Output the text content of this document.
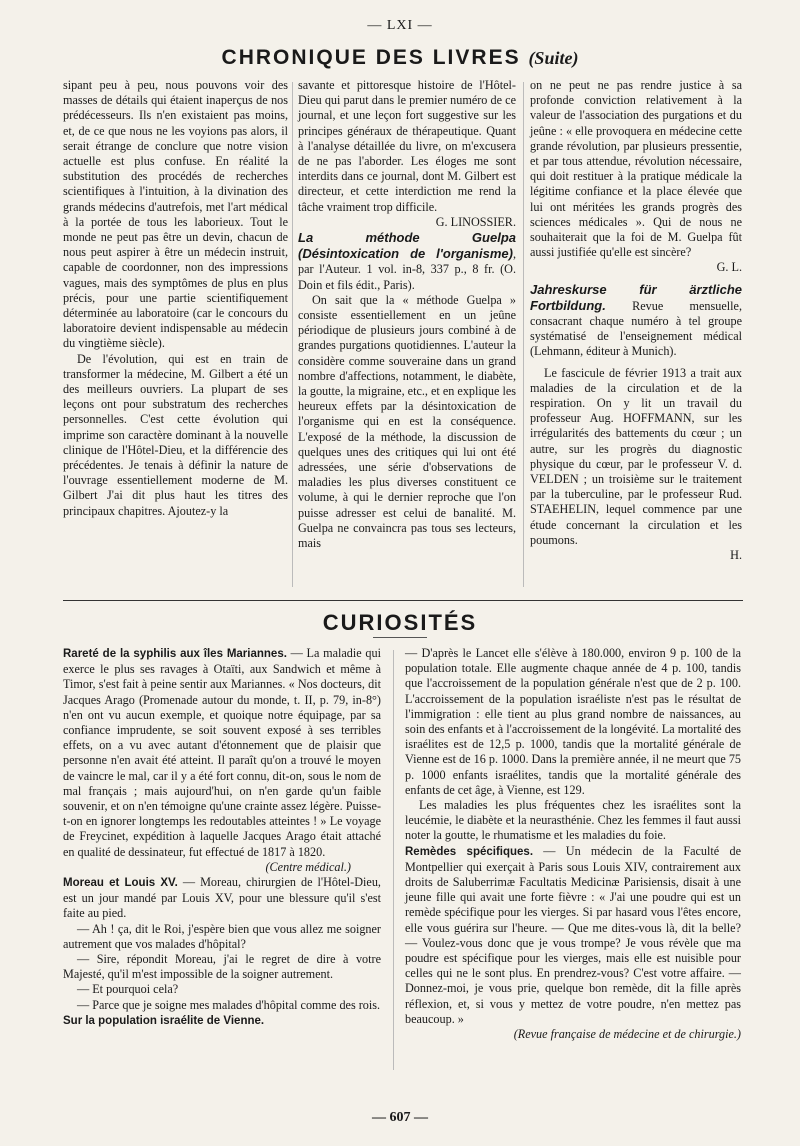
— LXI —
CHRONIQUE DES LIVRES (Suite)

sipant peu à peu, nous pouvons voir des masses de détails qui étaient inaperçus de nos prédécesseurs. Ils n'en existaient pas moins, et, de ce que nous ne les voyions pas alors, il serait étrange de conclure que notre vision actuelle est plus confuse. En réalité la substitution des procédés de recherches scientifiques à l'intuition, à la divination des grands médecins d'autrefois, met l'art médical à la portée de tous les laborieux. Tout le monde ne peut pas être un devin, chacun de nous peut aspirer à être un médecin instruit, capable de coordonner, non des impressions vagues, mais des symptômes de plus en plus précis, pour une partie scientifiquement déterminée au laboratoire (car le concours du laboratoire devient indispensable au médecin du vingtième siècle).

De l'évolution, qui est en train de transformer la médecine, M. Gilbert a été un des meilleurs ouvriers. La plupart de ses leçons ont pour substratum des recherches personnelles. C'est cette évolution qui imprime son caractère dominant à la nouvelle clinique de l'Hôtel-Dieu, et la différencie des précédentes. Je tenais à définir la nature de l'ouvrage essentiellement moderne de M. Gilbert J'ai dit plus haut les titres des principaux chapitres. Ajoutez-y la

savante et pittoresque histoire de l'Hôtel-Dieu qui parut dans le premier numéro de ce journal, et une leçon fort suggestive sur les principes généraux de thérapeutique. Quant à l'analyse détaillée du livre, on m'excusera de ne pas l'aborder. Les éloges me sont interdits dans ce journal, dont M. Gilbert est directeur, et cette interdiction me rend la tâche vraiment trop difficile.

G. LINOSSIER.

La méthode Guelpa (Désintoxication de l'organisme), par l'Auteur. 1 vol. in-8, 337 p., 8 fr. (O. Doin et fils édit., Paris).

On sait que la « méthode Guelpa » consiste essentiellement en un jeûne périodique de plusieurs jours combiné à de grandes purgations quotidiennes. L'auteur la considère comme souveraine dans un grand nombre d'affections, notamment, le diabète, la goutte, la migraine, etc., et en explique les heureux effets par la désintoxication de l'organisme qui en est la conséquence. L'exposé de la méthode, la discussion de quelques unes des critiques qui lui ont été adressées, une série d'observations de maladies les plus diverses constituent ce volume, à qui le dernier reproche que l'on puisse adresser est celui de banalité. M. Guelpa ne convaincra pas tous ses lecteurs, mais

on ne peut ne pas rendre justice à sa profonde conviction relativement à la valeur de l'association des purgations et du jeûne : « elle provoquera en médecine cette grande révolution, par plusieurs pressentie, et par tous attendue, révolution nécessaire, qui doit restituer à la pratique médicale la légitime confiance et la place élevée que lui ont méritées les grands progrès des sciences médicales ». Qui de nous ne souhaiterait que la foi de M. Guelpa fût aussi justifiée qu'elle est sincère?

G. L.

Jahreskurse für ärztliche Fortbildung. Revue mensuelle, consacrant chaque numéro à tel groupe systématisé de l'enseignement médical (Lehmann, éditeur à Munich).

Le fascicule de février 1913 a trait aux maladies de la circulation et de la respiration. On y lit un travail du professeur Aug. HOFFMANN, sur les irrégularités des battements du cœur ; un autre, sur les progrès du diagnostic physique du cœur, par le professeur V. d. VELDEN ; un troisième sur le traitement par la tuberculine, par le professeur Rud. STAEHELIN, lequel commence par une étude concernant la circulation et les poumons.

H.

CURIOSITÉS

Rareté de la syphilis aux îles Mariannes. — La maladie qui exerce le plus ses ravages à Otaïti, aux Sandwich et même à Timor, s'est fait à peine sentir aux Mariannes. « Nos docteurs, dit Jacques Arago (Promenade autour du monde, t. II, p. 79, in-8°) n'en ont vu aucun exemple, et quoique notre équipage, par sa confiance imprudente, se soit souvent exposé à ses terribles effets, on a vu avec autant d'étonnement que de plaisir que personne n'en avait été atteint. Il paraît qu'on a trouvé le moyen de vaincre le mal, car il y a été fort connu, dit-on, sous le nom de mal français ; mais aujourd'hui, on n'en garde qu'un faible souvenir, et on n'en témoigne qu'une crainte assez légère. Puisse-t-on en ignorer longtemps les redoutables atteintes ! » Le voyage de Freycinet, expédition à laquelle Jacques Arago était attaché en qualité de dessinateur, fut effectué de 1817 à 1820.

(Centre médical.)

Moreau et Louis XV. — Moreau, chirurgien de l'Hôtel-Dieu, est un jour mandé par Louis XV, pour une blessure qu'il s'est faite au pied.

— Ah ! ça, dit le Roi, j'espère bien que vous allez me soigner autrement que vos malades d'hôpital?

— Sire, répondit Moreau, j'ai le regret de dire à votre Majesté, qu'il m'est impossible de la soigner autrement.

— Et pourquoi cela?

— Parce que je soigne mes malades d'hôpital comme des rois.

Sur la population israélite de Vienne.

— D'après le Lancet elle s'élève à 180.000, environ 9 p. 100 de la population totale. Elle augmente chaque année de 4 p. 100, tandis que l'accroissement de la population générale n'est que de 2 p. 100. L'accroissement de la population israéliste n'est pas le résultat de l'immigration : elle tient au plus grand nombre de naissances, au soin des enfants et à l'accroissement de la longévité. La mortalité des israélites est de 12,5 p. 1000, tandis que la mortalité générale de Vienne est de 16 p. 1000. Dans la première année, il ne meurt que 75 p. 1000 enfants israélites, tandis que la mortalité générale des enfants de cet âge, à Vienne, est 129.

Les maladies les plus fréquentes chez les israélites sont la leucémie, le diabète et la neurasthénie. Chez les femmes il faut aussi noter la goutte, le rhumatisme et les maladies du foie.

Remèdes spécifiques. — Un médecin de la Faculté de Montpellier qui exerçait à Paris sous Louis XIV, contrairement aux droits de Saluberrimæ Facultatis Medicinæ Parisiensis, disait à une jeune fille qui avait une forte fièvre : « J'ai une poudre qui est un remède spécifique pour les vierges. Si par hasard vous l'êtes encore, elle vous guérira sur l'heure. — Que me dites-vous là, dit la belle? — Voulez-vous donc que je vous trompe? Je vous révèle que ma poudre est spécifique pour les vierges, mais elle est nuisible pour celles qui ne le sont plus. En prendrez-vous? C'est votre affaire. — Donnez-moi, je vous prie, quelque bon remède, dit la fille après réflexion, et, si vous y mettez de votre poudre, n'en mettez pas beaucoup. »

(Revue française de médecine et de chirurgie.)

— 607 —
